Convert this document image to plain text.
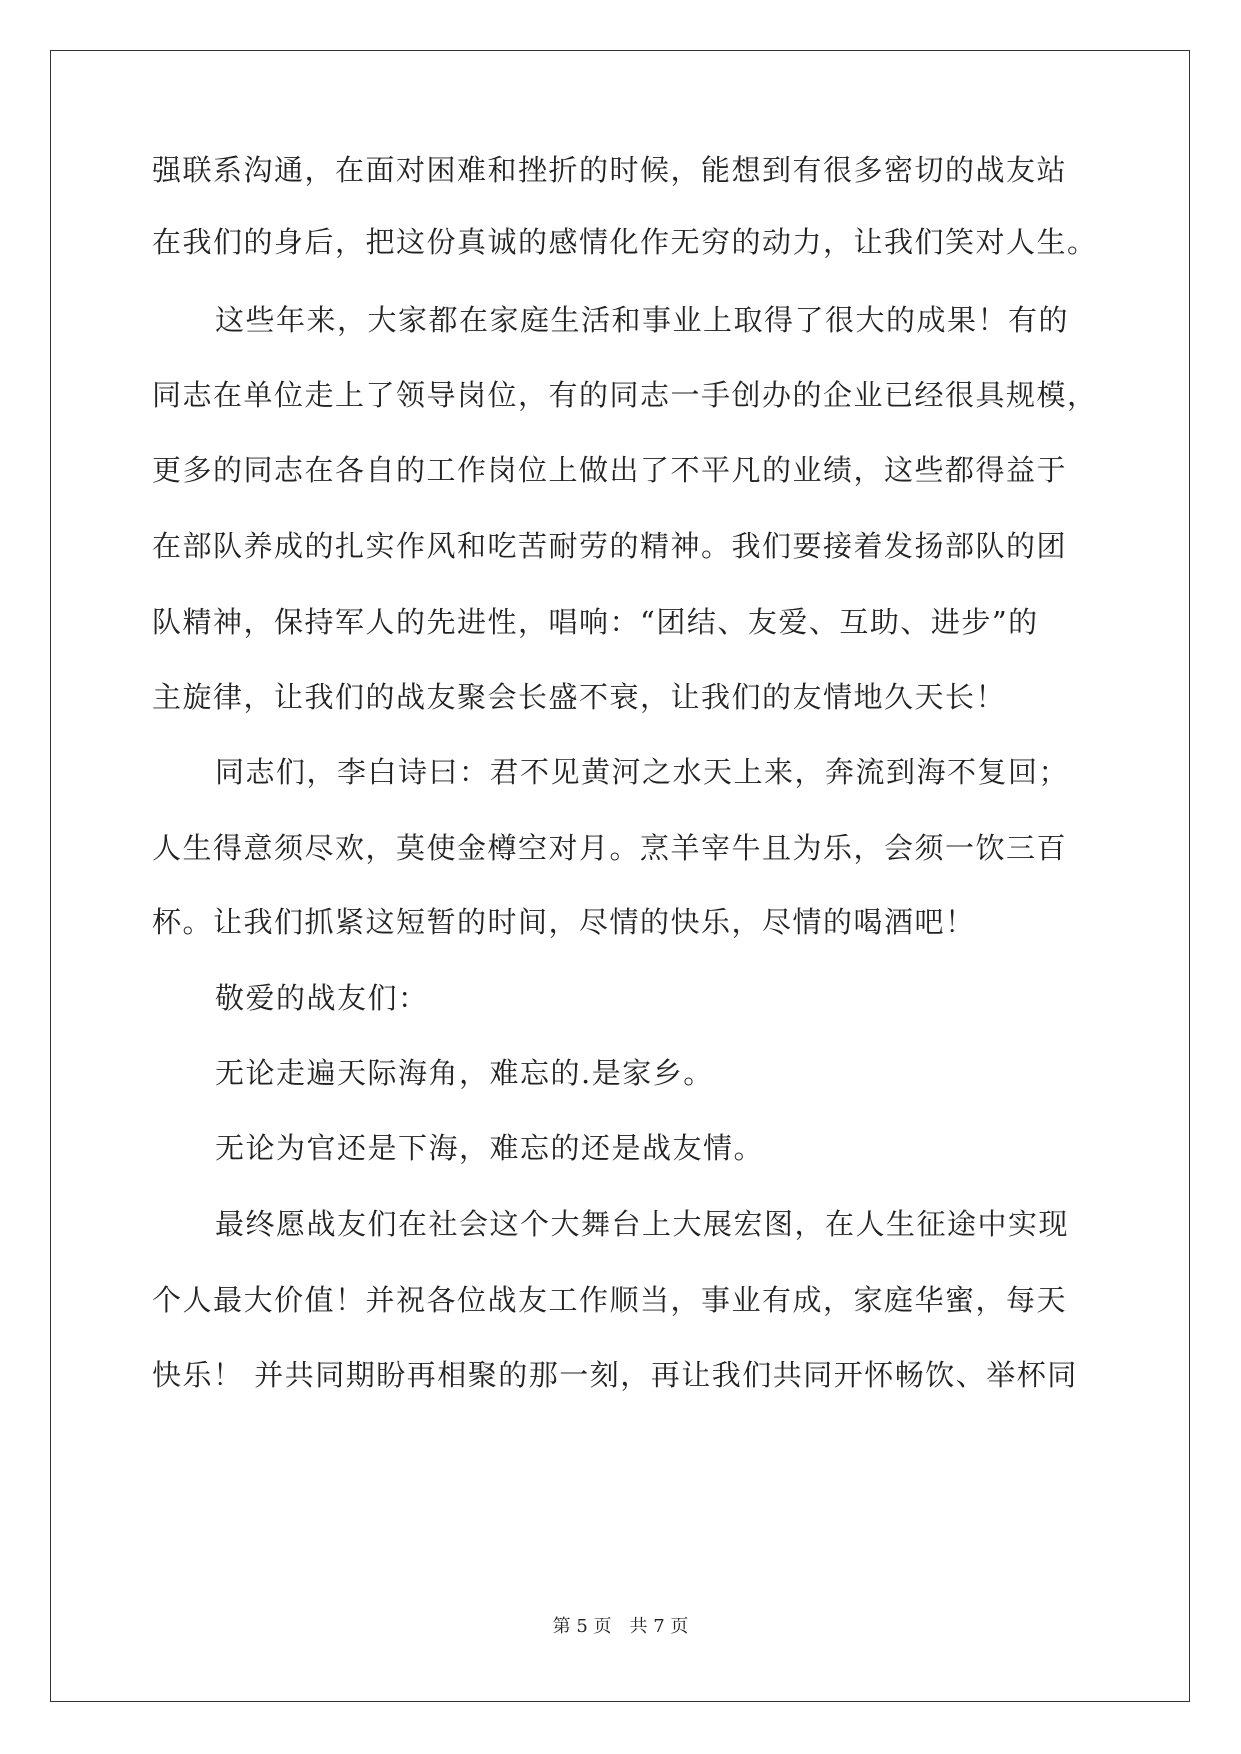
强联系沟通，在面对困难和挫折的时候，能想到有很多密切的战友站
在我们的身后，把这份真诚的感情化作无穷的动力，让我们笑对人生。
这些年来，大家都在家庭生活和事业上取得了很大的成果！有的
同志在单位走上了领导岗位，有的同志一手创办的企业已经很具规模，
更多的同志在各自的工作岗位上做出了不平凡的业绩，这些都得益于
在部队养成的扎实作风和吃苦耐劳的精神。我们要接着发扬部队的团
队精神，保持军人的先进性，唱响：“团结、友爱、互助、进步”的
主旋律，让我们的战友聚会长盛不衰，让我们的友情地久天长！
同志们，李白诗曰：君不见黄河之水天上来，奔流到海不复回；
人生得意须尽欢，莫使金樽空对月。烹羊宰牛且为乐，会须一饮三百
杯。让我们抓紧这短暂的时间，尽情的快乐，尽情的喝酒吧！
敬爱的战友们：
无论走遍天际海角，难忘的.是家乡。
无论为官还是下海，难忘的还是战友情。
最终愿战友们在社会这个大舞台上大展宏图，在人生征途中实现
个人最大价值！并祝各位战友工作顺当，事业有成，家庭华蜜，每天
快乐！ 并共同期盼再相聚的那一刻，再让我们共同开怀畅饮、举杯同
第 5 页　共 7 页
